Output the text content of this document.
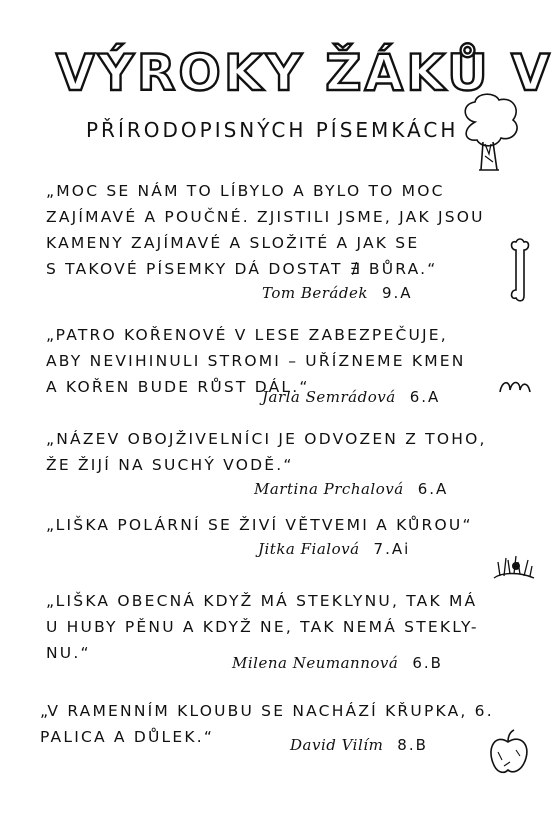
VÝROKY ŽÁKŮ V
PŘÍRODOPISNÝCH PÍSEMKÁCH
„MOC SE NÁM TO LÍBYLO A BYLO TO MOC
ZAJÍMAVÉ A POUČNÉ. ZJISTILI JSME, JAK JSOU
KAMENY ZAJÍMAVÉ A SLOŽITÉ A JAK SE
S TAKOVÉ PÍSEMKY DÁ DOSTAT ∄ BŮRA.“
Tom Berádek 9.A
„PATRO KOŘENOVÉ V LESE ZABEZPEČUJE,
ABY NEVIHINULI STROMI – UŘÍZNEME KMEN
A KOŘEN BUDE RŮST DÁL.“
Jarla Semrádová 6.A
„NÁZEV OBOJŽIVELNÍCI JE ODVOZEN Z TOHO,
ŽE ŽIJÍ NA SUCHÝ VODĚ.“
Martina Prchalová 6.A
„LIŠKA POLÁRNÍ SE ŽIVÍ VĚTVEMI A KŮROU“
Jitka Fialová 7.Ai
„LIŠKA OBECNÁ KDYŽ MÁ STEKLYNU, TAK MÁ
U HUBY PĚNU A KDYŽ NE, TAK NEMÁ STEKLY-
NU.“
Milena Neumannová 6.B
„V RAMENNÍM KLOUBU SE NACHÁZÍ KŘUPKA, 6.
PALICA A DŮLEK.“	David Vilím 8.B
